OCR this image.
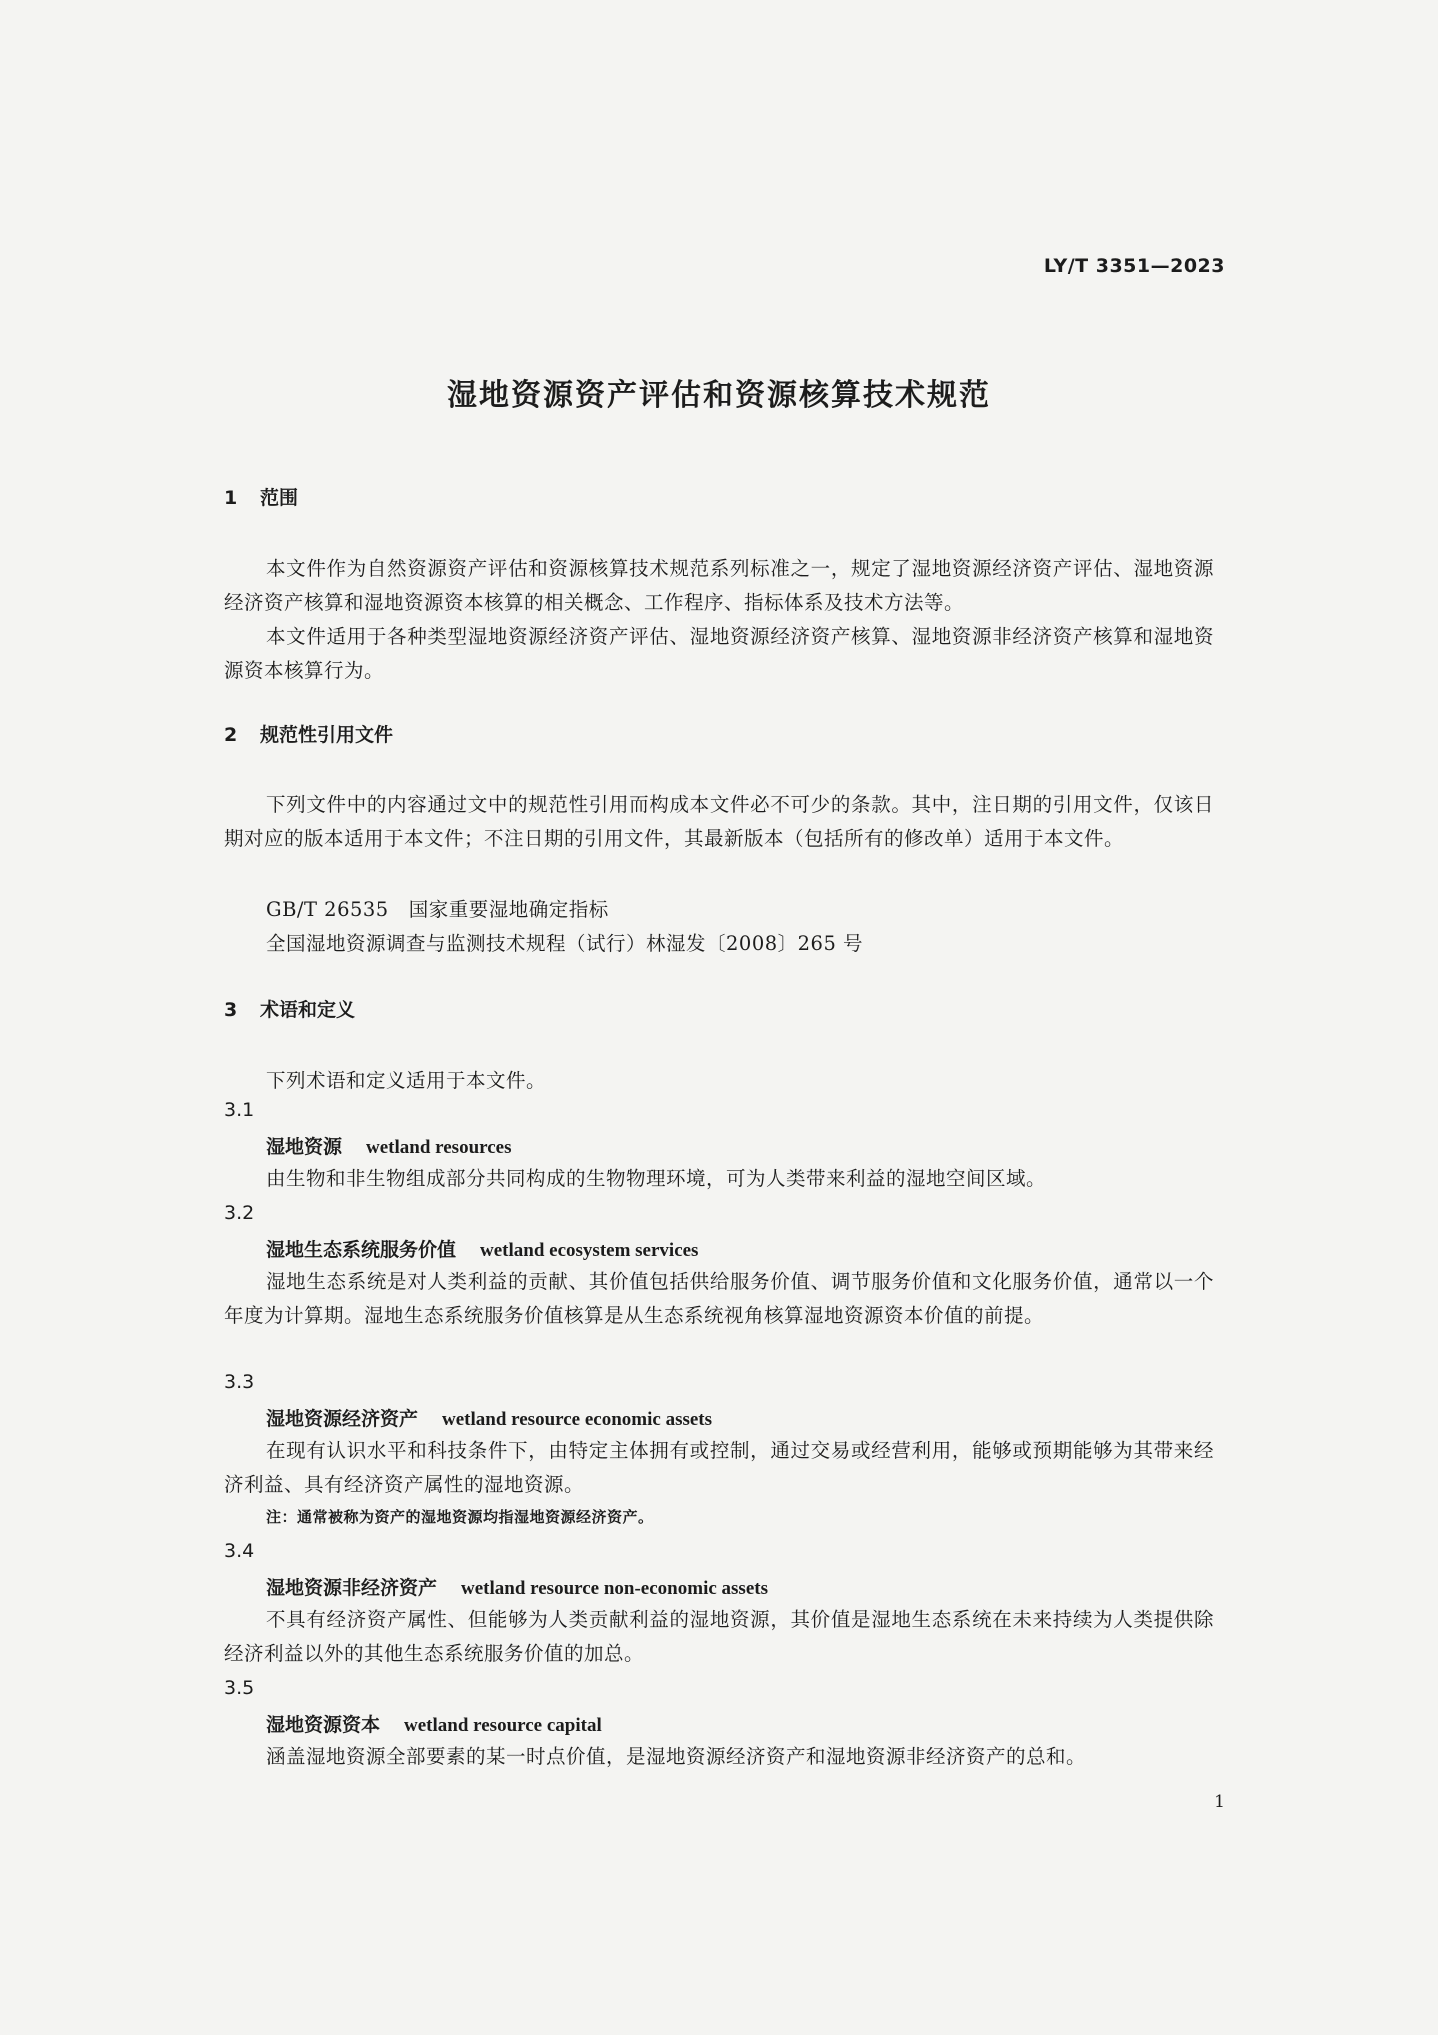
LY/T 3351—2023
湿地资源资产评估和资源核算技术规范
1 范围
本文件作为自然资源资产评估和资源核算技术规范系列标准之一，规定了湿地资源经济资产评估、湿地资源经济资产核算和湿地资源资本核算的相关概念、工作程序、指标体系及技术方法等。
本文件适用于各种类型湿地资源经济资产评估、湿地资源经济资产核算、湿地资源非经济资产核算和湿地资源资本核算行为。
2 规范性引用文件
下列文件中的内容通过文中的规范性引用而构成本文件必不可少的条款。其中，注日期的引用文件，仅该日期对应的版本适用于本文件；不注日期的引用文件，其最新版本（包括所有的修改单）适用于本文件。
GB/T 26535　国家重要湿地确定指标
全国湿地资源调查与监测技术规程（试行）林湿发〔2008〕265 号
3 术语和定义
下列术语和定义适用于本文件。
3.1
湿地资源 wetland resources
由生物和非生物组成部分共同构成的生物物理环境，可为人类带来利益的湿地空间区域。
3.2
湿地生态系统服务价值 wetland ecosystem services
湿地生态系统是对人类利益的贡献、其价值包括供给服务价值、调节服务价值和文化服务价值，通常以一个年度为计算期。湿地生态系统服务价值核算是从生态系统视角核算湿地资源资本价值的前提。
3.3
湿地资源经济资产 wetland resource economic assets
在现有认识水平和科技条件下，由特定主体拥有或控制，通过交易或经营利用，能够或预期能够为其带来经济利益、具有经济资产属性的湿地资源。
注：通常被称为资产的湿地资源均指湿地资源经济资产。
3.4
湿地资源非经济资产 wetland resource non-economic assets
不具有经济资产属性、但能够为人类贡献利益的湿地资源，其价值是湿地生态系统在未来持续为人类提供除经济利益以外的其他生态系统服务价值的加总。
3.5
湿地资源资本 wetland resource capital
涵盖湿地资源全部要素的某一时点价值，是湿地资源经济资产和湿地资源非经济资产的总和。
1
